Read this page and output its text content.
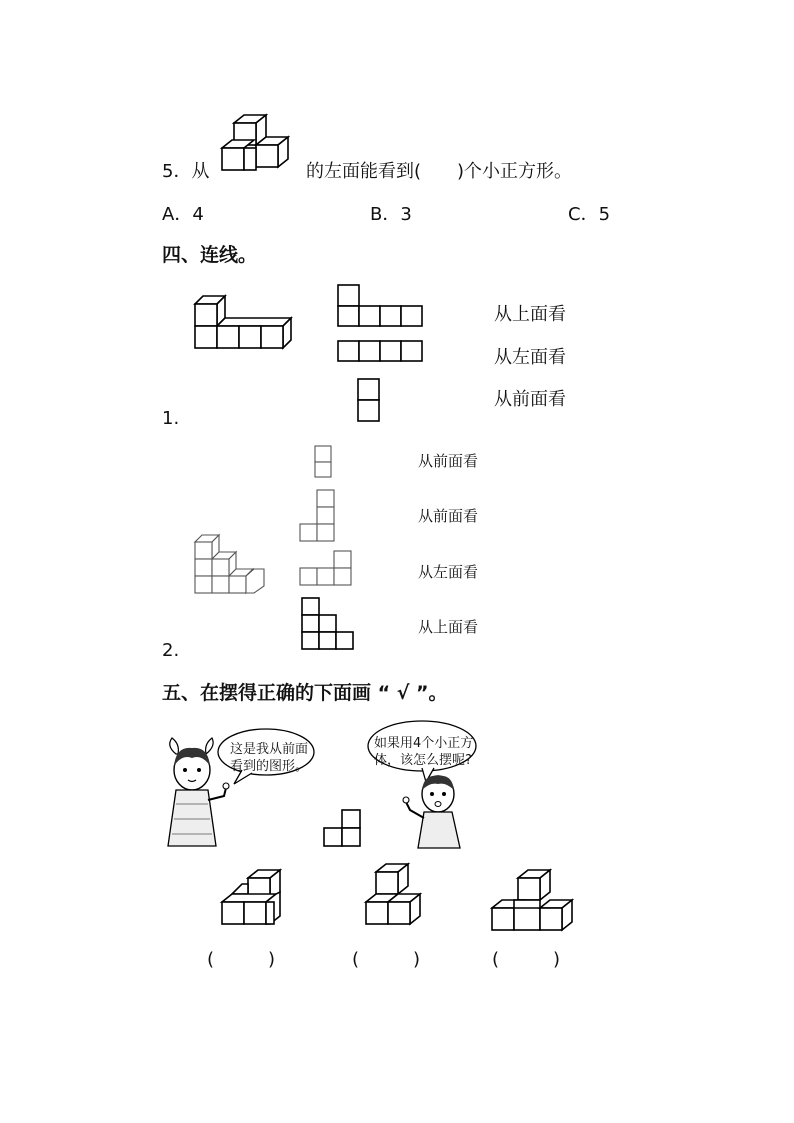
5．从	的左面能看到(　　)个小正方形。
A．4	B．3	C．5
四、连线。
从上面看
从左面看
从前面看
1.
从前面看
从前面看
从左面看
从上面看
2.
五、在摆得正确的下面画 “ √ ”。
这是我从前面
看到的图形。
如果用4个小正方
体，该怎么摆呢?
(　　　)	(　　　)	(　　　)
